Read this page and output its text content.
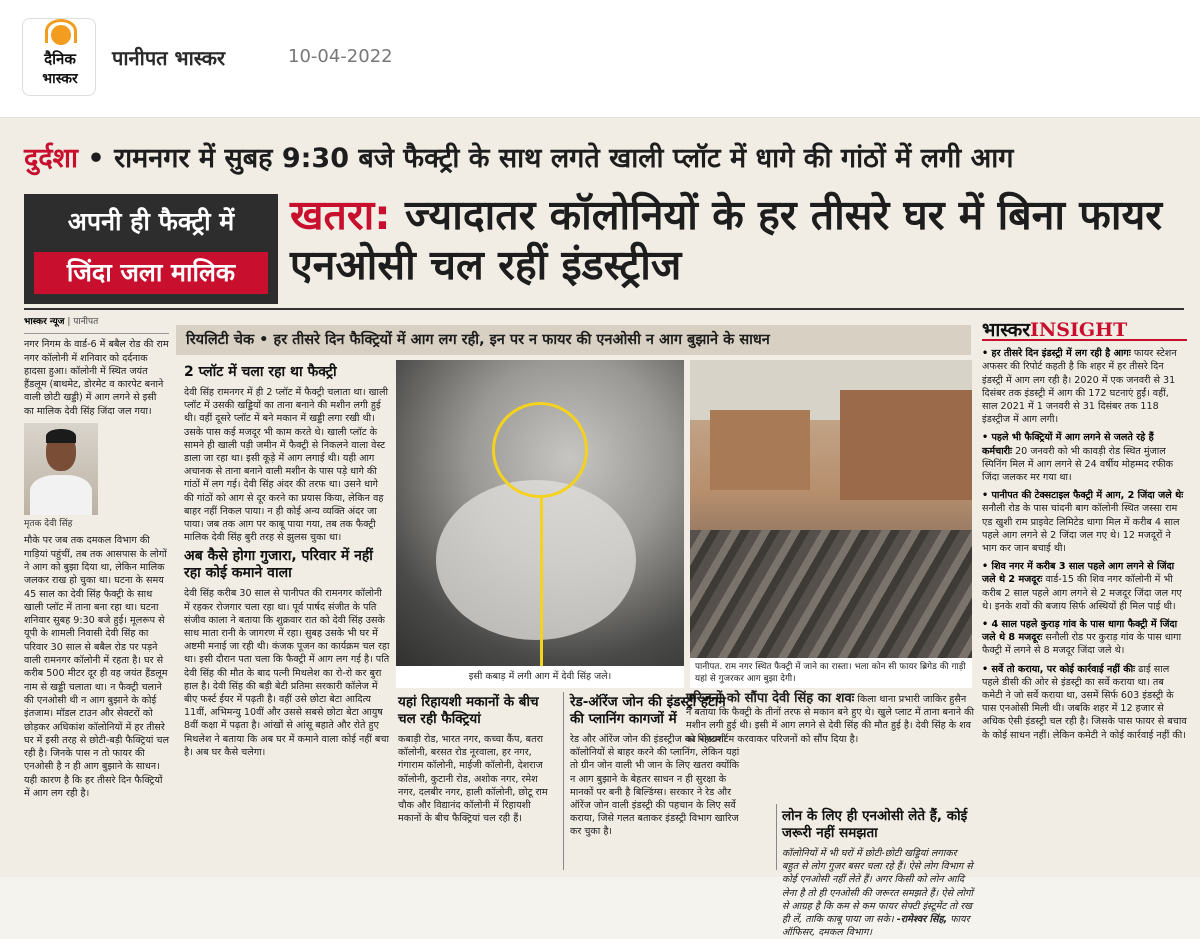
दैनिक
भास्कर
पानीपत भास्कर	10-04-2022
दुर्दशा • रामनगर में सुबह 9:30 बजे फैक्ट्री के साथ लगते खाली प्लॉट में धागे की गांठों में लगी आग
अपनी ही फैक्ट्री में
जिंदा जला मालिक
खतरा: ज्यादातर कॉलोनियों के हर तीसरे घर में बिना फायर एनओसी चल रहीं इंडस्ट्रीज
भास्कर न्यूज | पानीपत
नगर निगम के वार्ड-6 में बबैल रोड की राम नगर कॉलोनी में शनिवार को दर्दनाक हादसा हुआ। कॉलोनी में स्थित जयंत हैंडलूम (बाथमेट, डोरमेट व कारपेट बनाने वाली छोटी खड्डी) में आग लगने से इसी का मालिक देवी सिंह जिंदा जल गया।
मृतक देवी सिंह
मौके पर जब तक दमकल विभाग की गाड़ियां पहुंचीं, तब तक आसपास के लोगों ने आग को बुझा दिया था, लेकिन मालिक जलकर राख हो चुका था। घटना के समय 45 साल का देवी सिंह फैक्ट्री के साथ खाली प्लॉट में ताना बना रहा था। घटना शनिवार सुबह 9:30 बजे हुई। मूलरूप से यूपी के शामली निवासी देवी सिंह का परिवार 30 साल से बबैल रोड पर पड़ने वाली रामनगर कॉलोनी में रहता है। घर से करीब 500 मीटर दूर ही वह जयंत हैंडलूम नाम से खड्डी चलाता था। न फैक्ट्री चलाने की एनओसी थी न आग बुझाने के कोई इंतजाम। मॉडल टाउन और सेक्टरों को छोड़कर अधिकांश कॉलोनियों में हर तीसरे घर में इसी तरह से छोटी-बड़ी फैक्ट्रियां चल रही है। जिनके पास न तो फायर की एनओसी है न ही आग बुझाने के साधन। यही कारण है कि हर तीसरे दिन फैक्ट्रियों में आग लग रही है।
रियलिटी चेक • हर तीसरे दिन फैक्ट्रियों में आग लग रही, इन पर न फायर की एनओसी न आग बुझाने के साधन
2 प्लॉट में चला रहा था फैक्ट्री
देवी सिंह रामनगर में ही 2 प्लॉट में फैक्ट्री चलाता था। खाली प्लॉट में उसकी खड्डियों का ताना बनाने की मशीन लगी हुई थी। वहीं दूसरे प्लॉट में बने मकान में खड्डी लगा रखी थी। उसके पास कई मजदूर भी काम करते थे। खाली प्लॉट के सामने ही खाली पड़ी जमीन में फैक्ट्री से निकलने वाला वेस्ट डाला जा रहा था। इसी कूड़े में आग लगाई थी। यही आग अचानक से ताना बनाने वाली मशीन के पास पड़े धागे की गांठों में लग गई। देवी सिंह अंदर की तरफ था। उसने धागे की गांठों को आग से दूर करने का प्रयास किया, लेकिन वह बाहर नहीं निकल पाया। न ही कोई अन्य व्यक्ति अंदर जा पाया। जब तक आग पर काबू पाया गया, तब तक फैक्ट्री मालिक देवी सिंह बुरी तरह से झुलस चुका था।
अब कैसे होगा गुजारा, परिवार में नहीं रहा कोई कमाने वाला
देवी सिंह करीब 30 साल से पानीपत की रामनगर कॉलोनी में रहकर रोजगार चला रहा था। पूर्व पार्षद संजीत के पति संजीव काला ने बताया कि शुक्रवार रात को देवी सिंह उसके साथ माता रानी के जागरण में रहा। सुबह उसके भी घर में अष्टमी मनाई जा रही थी। कंजक पूजन का कार्यक्रम चल रहा था। इसी दौरान पता चला कि फैक्ट्री में आग लग गई है। पति देवी सिंह की मौत के बाद पत्नी मिथलेश का रो-रो कर बुरा हाल है। देवी सिंह की बड़ी बेटी प्रतिमा सरकारी कॉलेज में बीए फर्स्ट ईयर में पढ़ती है। वहीं उसे छोटा बेटा आदित्य 11वीं, अभिमन्यु 10वीं और उससे सबसे छोटा बेटा आयुष 8वीं कक्षा में पढ़ता है। आंखों से आंसू बहाते और रोते हुए मिथलेश ने बताया कि अब घर में कमाने वाला कोई नहीं बचा है। अब घर कैसे चलेगा।
इसी कबाड़ में लगी आग में देवी सिंह जले।
पानीपत. राम नगर स्थित फैक्ट्री में जाने का रास्ता। भला कोन सी फायर ब्रिगेड की गाड़ी यहां से गुजरकर आग बुझा देगी।
परिजनों को सौंपा देवी सिंह का शवः किला थाना प्रभारी जाकिर हुसैन ने बताया कि फैक्ट्री के तीनों तरफ से मकान बने हुए थे। खुले प्लाट में ताना बनाने की मशीन लगी हुई थी। इसी में आग लगने से देवी सिंह की मौत हुई है। देवी सिंह के शव का पोस्टमार्टम करवाकर परिजनों को सौंप दिया है।
यहां रिहायशी मकानों के बीच चल रही फैक्ट्रियां
कबाड़ी रोड, भारत नगर, कच्चा कैंप, बतरा कॉलोनी, बरसत रोड नूरवाला, हर नगर, गंगाराम कॉलोनी, माईजी कॉलोनी, देशराज कॉलोनी, कुटानी रोड, अशोक नगर, रमेश नगर, दलबीर नगर, हाली कॉलोनी, छोटू राम चौक और विद्यानंद कॉलोनी में रिहायशी मकानों के बीच फैक्ट्रियां चल रही हैं।
रेड-ऑरेंज जोन की इंडस्ट्री हटाने की प्लानिंग कागजों में
रेड और ऑरेंज जोन की इंडस्ट्रीज को रिहायशी कॉलोनियों से बाहर करने की प्लानिंग, लेकिन यहां तो ग्रीन जोन वाली भी जान के लिए खतरा क्योंकि न आग बुझाने के बेहतर साधन न ही सुरक्षा के मानकों पर बनी है बिल्डिंग्स। सरकार ने रेड और ऑरेंज जोन वाली इंडस्ट्री की पहचान के लिए सर्वे कराया, जिसे गलत बताकर इंडस्ट्री विभाग खारिज कर चुका है।
लोन के लिए ही एनओसी लेते हैं, कोई जरूरी नहीं समझता
कॉलोनियों में भी घरों में छोटी-छोटी खड्डियां लगाकर बहुत से लोग गुजर बसर चला रहे हैं। ऐसे लोग विभाग से कोई एनओसी नहीं लेते हैं। अगर किसी को लोन आदि लेना है तो ही एनओसी की जरूरत समझते हैं। ऐसे लोगों से आग्रह है कि कम से कम फायर सेफ्टी इंस्टूमेंट तो रख ही लें, ताकि काबू पाया जा सके। -रामेश्वर सिंह, फायर ऑफिसर, दमकल विभाग।
भास्करINSIGHT

• हर तीसरे दिन इंडस्ट्री में लग रही है आगः फायर स्टेशन अफसर की रिपोर्ट कहती है कि शहर में हर तीसरे दिन इंडस्ट्री में आग लग रही है। 2020 में एक जनवरी से 31 दिसंबर तक इंडस्ट्री में आग की 172 घटनाएं हुईं। वहीं, साल 2021 में 1 जनवरी से 31 दिसंबर तक 118 इंडस्ट्रीज में आग लगी।

• पहले भी फैक्ट्रियों में आग लगने से जलते रहे हैं कर्मचारीः 20 जनवरी को भी कावड़ी रोड स्थित मुंजाल स्पिनिंग मिल में आग लगने से 24 वर्षीय मोहम्मद रफीक जिंदा जलकर मर गया था।

• पानीपत की टेक्सटाइल फैक्ट्री में आग, 2 जिंदा जले थेः सनौली रोड के पास चांदनी बाग कॉलोनी स्थित जस्सा राम एड खुशी राम प्राइवेट लिमिटेड धागा मिल में करीब 4 साल पहले आग लगने से 2 जिंदा जल गए थे। 12 मजदूरों ने भाग कर जान बचाई थी।

• शिव नगर में करीब 3 साल पहले आग लगने से जिंदा जले थे 2 मजदूरः वार्ड-15 की शिव नगर कॉलोनी में भी करीब 2 साल पहले आग लगने से 2 मजदूर जिंदा जल गए थे। इनके शवों की बजाय सिर्फ अस्थियों ही मिल पाई थी।

• 4 साल पहले कुराड़ गांव के पास धागा फैक्ट्री में जिंदा जले थे 8 मजदूरः सनौली रोड पर कुराड़ गांव के पास धागा फैक्ट्री में लगने से 8 मजदूर जिंदा जले थे।

• सर्वे तो कराया, पर कोई कार्रवाई नहीं कीः ढाई साल पहले डीसी की ओर से इंडस्ट्री का सर्वे कराया था। तब कमेटी ने जो सर्वे कराया था, उसमें सिर्फ 603 इंडस्ट्री के पास एनओसी मिली थी। जबकि शहर में 12 हजार से अधिक ऐसी इंडस्ट्री चल रही है। जिसके पास फायर से बचाव के कोई साधन नहीं। लेकिन कमेटी ने कोई कार्रवाई नहीं की।
